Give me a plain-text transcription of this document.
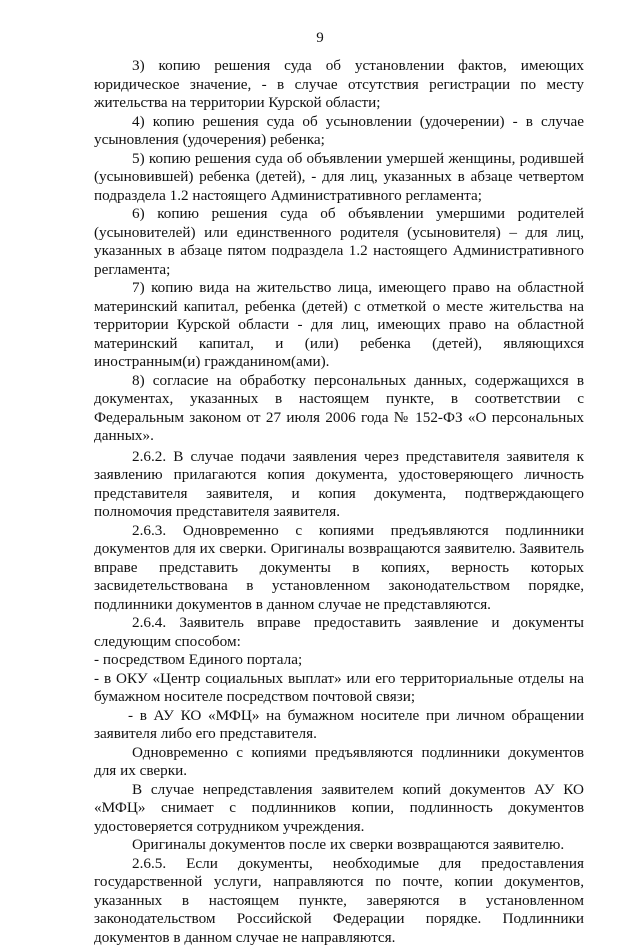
9

3) копию решения суда об установлении фактов, имеющих юридическое значение, - в случае отсутствия регистрации по месту жительства на территории Курской области;

4) копию решения суда об усыновлении (удочерении) - в случае усыновления (удочерения) ребенка;

5) копию решения суда об объявлении умершей женщины, родившей (усыновившей) ребенка (детей), - для лиц, указанных в абзаце четвертом подраздела 1.2 настоящего Административного регламента;

6) копию решения суда об объявлении умершими родителей (усыновителей) или единственного родителя (усыновителя) – для лиц, указанных в абзаце пятом подраздела 1.2 настоящего Административного регламента;

7) копию вида на жительство лица, имеющего право на областной материнский капитал, ребенка (детей) с отметкой о месте жительства на территории Курской области - для лиц, имеющих право на областной материнский капитал, и (или) ребенка (детей), являющихся иностранным(и) гражданином(ами).

8) согласие на обработку персональных данных, содержащихся в документах, указанных в настоящем пункте, в соответствии с Федеральным законом от 27 июля 2006 года № 152-ФЗ «О персональных данных».

2.6.2. В случае подачи заявления через представителя заявителя к заявлению прилагаются копия документа, удостоверяющего личность представителя заявителя, и копия документа, подтверждающего полномочия представителя заявителя.

2.6.3. Одновременно с копиями предъявляются подлинники документов для их сверки. Оригиналы возвращаются заявителю. Заявитель вправе представить документы в копиях, верность которых засвидетельствована в установленном законодательством порядке, подлинники документов в данном случае не представляются.

2.6.4. Заявитель вправе предоставить заявление и документы следующим способом:

- посредством Единого портала;

- в ОКУ «Центр социальных выплат» или его территориальные отделы на бумажном носителе посредством почтовой связи;

- в АУ КО «МФЦ» на бумажном носителе при личном обращении заявителя либо его представителя.

Одновременно с копиями предъявляются подлинники документов для их сверки.

В случае непредставления заявителем копий документов АУ КО «МФЦ» снимает с подлинников копии, подлинность документов удостоверяется сотрудником учреждения.

Оригиналы документов после их сверки возвращаются заявителю.

2.6.5. Если документы, необходимые для предоставления государственной услуги, направляются по почте, копии документов, указанных в настоящем пункте, заверяются в установленном законодательством Российской Федерации порядке. Подлинники документов в данном случае не направляются.
